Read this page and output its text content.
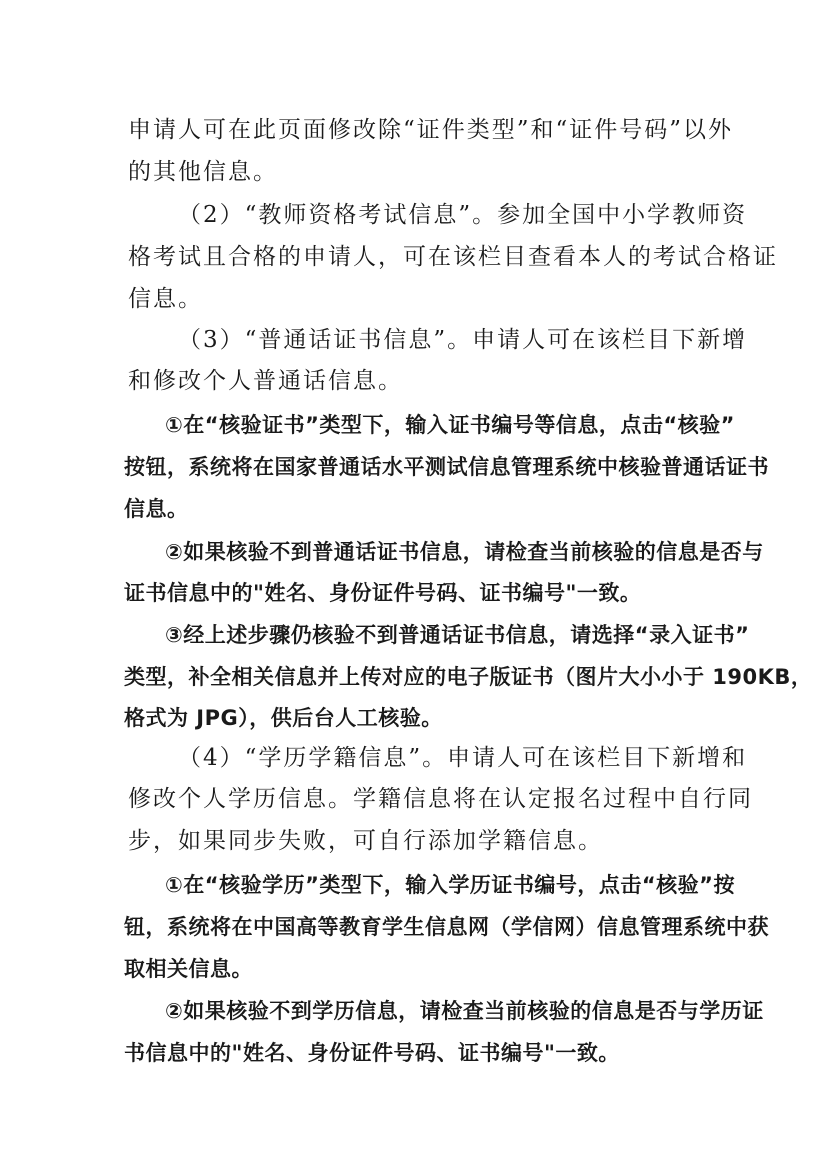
申请人可在此页面修改除“证件类型”和“证件号码”以外
的其他信息。
（2）“教师资格考试信息”。参加全国中小学教师资
格考试且合格的申请人，可在该栏目查看本人的考试合格证
信息。
（3）“普通话证书信息”。申请人可在该栏目下新增
和修改个人普通话信息。
①在“核验证书”类型下，输入证书编号等信息，点击“核验”
按钮，系统将在国家普通话水平测试信息管理系统中核验普通话证书
信息。
②如果核验不到普通话证书信息，请检查当前核验的信息是否与
证书信息中的"姓名、身份证件号码、证书编号"一致。
③经上述步骤仍核验不到普通话证书信息，请选择“录入证书”
类型，补全相关信息并上传对应的电子版证书（图片大小小于 190KB，
格式为 JPG），供后台人工核验。
（4）“学历学籍信息”。申请人可在该栏目下新增和
修改个人学历信息。学籍信息将在认定报名过程中自行同
步，如果同步失败，可自行添加学籍信息。
①在“核验学历”类型下，输入学历证书编号，点击“核验”按
钮，系统将在中国高等教育学生信息网（学信网）信息管理系统中获
取相关信息。
②如果核验不到学历信息，请检查当前核验的信息是否与学历证
书信息中的"姓名、身份证件号码、证书编号"一致。
